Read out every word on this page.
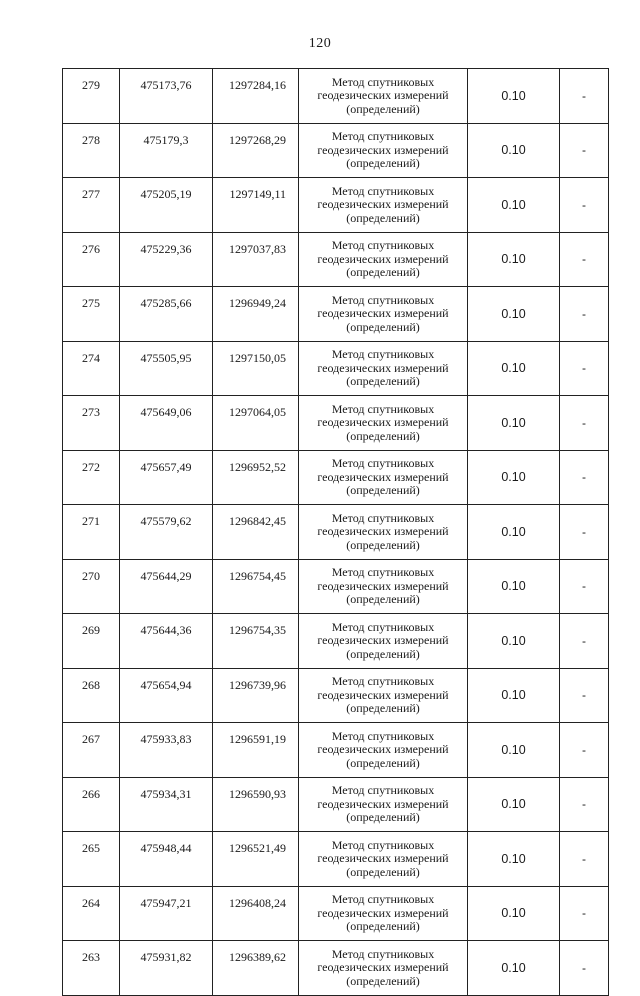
120
279	475173,76	1297284,16	Метод спутниковых
геодезических измерений
(определений)	0.10	-
278	475179,3	1297268,29	Метод спутниковых
геодезических измерений
(определений)	0.10	-
277	475205,19	1297149,11	Метод спутниковых
геодезических измерений
(определений)	0.10	-
276	475229,36	1297037,83	Метод спутниковых
геодезических измерений
(определений)	0.10	-
275	475285,66	1296949,24	Метод спутниковых
геодезических измерений
(определений)	0.10	-
274	475505,95	1297150,05	Метод спутниковых
геодезических измерений
(определений)	0.10	-
273	475649,06	1297064,05	Метод спутниковых
геодезических измерений
(определений)	0.10	-
272	475657,49	1296952,52	Метод спутниковых
геодезических измерений
(определений)	0.10	-
271	475579,62	1296842,45	Метод спутниковых
геодезических измерений
(определений)	0.10	-
270	475644,29	1296754,45	Метод спутниковых
геодезических измерений
(определений)	0.10	-
269	475644,36	1296754,35	Метод спутниковых
геодезических измерений
(определений)	0.10	-
268	475654,94	1296739,96	Метод спутниковых
геодезических измерений
(определений)	0.10	-
267	475933,83	1296591,19	Метод спутниковых
геодезических измерений
(определений)	0.10	-
266	475934,31	1296590,93	Метод спутниковых
геодезических измерений
(определений)	0.10	-
265	475948,44	1296521,49	Метод спутниковых
геодезических измерений
(определений)	0.10	-
264	475947,21	1296408,24	Метод спутниковых
геодезических измерений
(определений)	0.10	-
263	475931,82	1296389,62	Метод спутниковых
геодезических измерений
(определений)	0.10	-
